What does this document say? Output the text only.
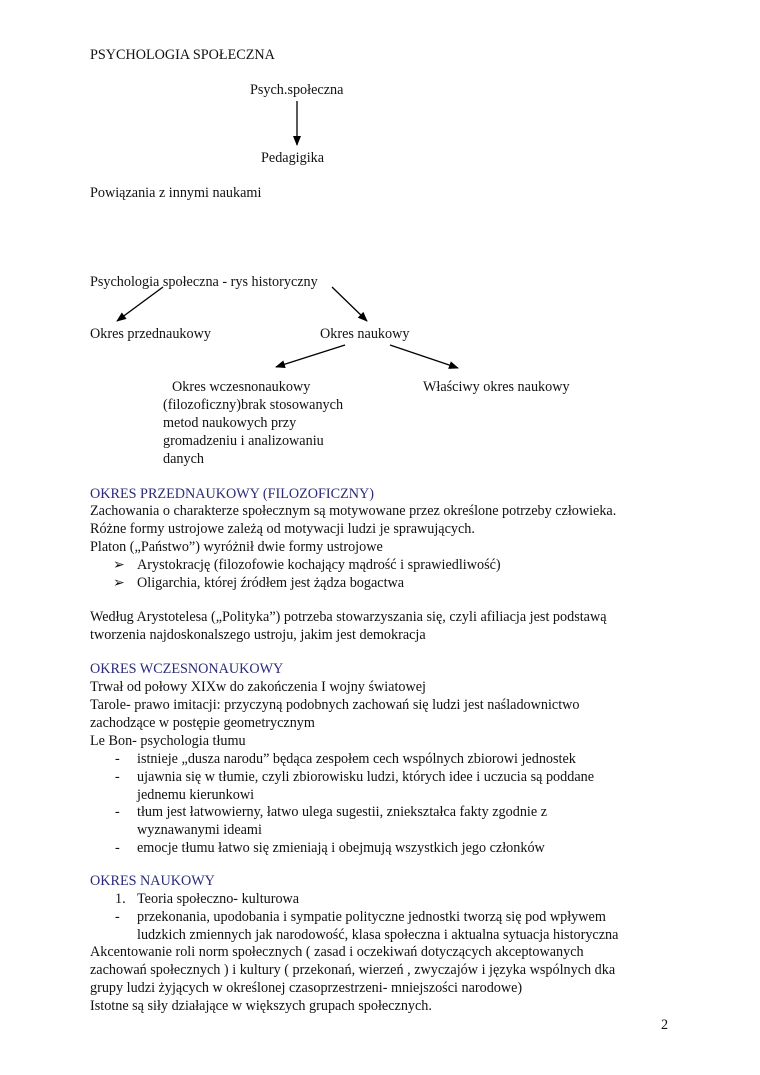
PSYCHOLOGIA SPOŁECZNA
Psych.społeczna
Pedagigika
Powiązania z innymi naukami
Psychologia społeczna - rys historyczny
Okres przednaukowy	Okres naukowy
Okres wczesnonaukowy
(filozoficzny)brak stosowanych
metod naukowych przy
gromadzeniu i analizowaniu
danych
Właściwy okres naukowy
OKRES PRZEDNAUKOWY (FILOZOFICZNY)
Zachowania o charakterze społecznym są motywowane przez określone potrzeby człowieka.
Różne formy ustrojowe zależą od motywacji ludzi je sprawujących.
Platon („Państwo”) wyróżnił dwie formy ustrojowe
➢ Arystokrację (filozofowie kochający mądrość i sprawiedliwość)
➢ Oligarchia, której źródłem jest żądza bogactwa
Według Arystotelesa („Polityka”) potrzeba stowarzyszania się, czyli afiliacja jest podstawą
tworzenia najdoskonalszego ustroju, jakim jest demokracja
OKRES WCZESNONAUKOWY
Trwał od połowy XIXw do zakończenia I wojny światowej
Tarole- prawo imitacji: przyczyną podobnych zachowań się ludzi jest naśladownictwo
zachodzące w postępie geometrycznym
Le Bon- psychologia tłumu
- istnieje „dusza narodu” będąca zespołem cech wspólnych zbiorowi jednostek
- ujawnia się w tłumie, czyli zbiorowisku ludzi, których idee i uczucia są poddane
jednemu kierunkowi
- tłum jest łatwowierny, łatwo ulega sugestii, zniekształca fakty zgodnie z
wyznawanymi ideami
- emocje tłumu łatwo się zmieniają i obejmują wszystkich jego członków
OKRES NAUKOWY
1. Teoria społeczno- kulturowa
- przekonania, upodobania i sympatie polityczne jednostki tworzą się pod wpływem
ludzkich zmiennych jak narodowość, klasa społeczna i aktualna sytuacja historyczna
Akcentowanie roli norm społecznych ( zasad i oczekiwań dotyczących akceptowanych
zachowań społecznych ) i kultury ( przekonań, wierzeń , zwyczajów i języka wspólnych dka
grupy ludzi żyjących w określonej czasoprzestrzeni- mniejszości narodowe)
Istotne są siły działające w większych grupach społecznych.
2
